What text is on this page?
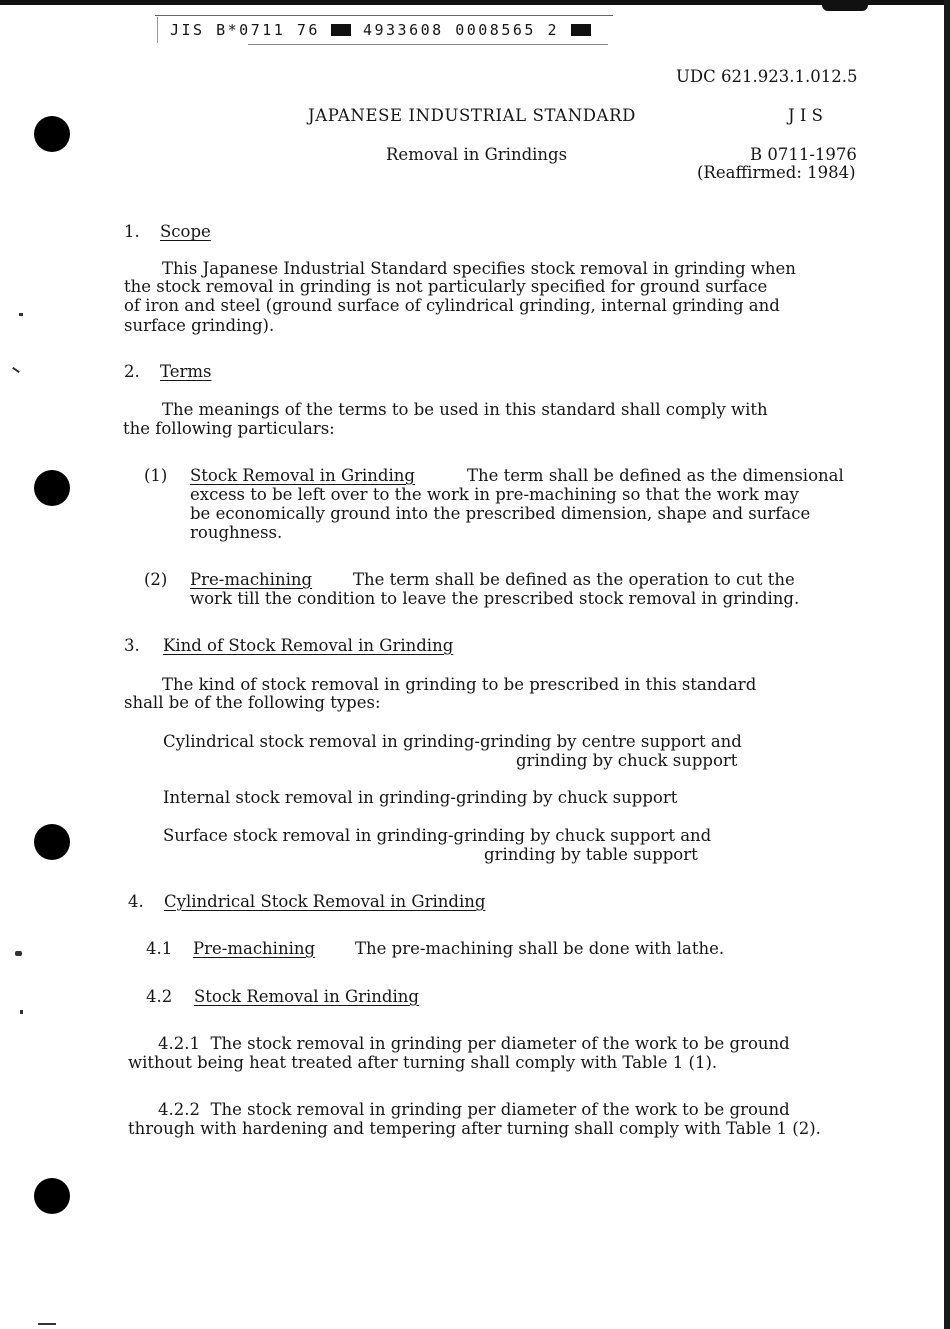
JIS B*0711 76	4933608 0008565 2
UDC 621.923.1.012.5
JAPANESE INDUSTRIAL STANDARD	J I S
Removal in Grindings	B 0711-1976
(Reaffirmed: 1984)
1. Scope
This Japanese Industrial Standard specifies stock removal in grinding when
the stock removal in grinding is not particularly specified for ground surface
of iron and steel (ground surface of cylindrical grinding, internal grinding and
surface grinding).
2. Terms
The meanings of the terms to be used in this standard shall comply with
the following particulars:
(1) Stock Removal in Grinding	The term shall be defined as the dimensional
excess to be left over to the work in pre-machining so that the work may
be economically ground into the prescribed dimension, shape and surface
roughness.
(2) Pre-machining The term shall be defined as the operation to cut the
work till the condition to leave the prescribed stock removal in grinding.
3. Kind of Stock Removal in Grinding
The kind of stock removal in grinding to be prescribed in this standard
shall be of the following types:
Cylindrical stock removal in grinding-grinding by centre support and
grinding by chuck support
Internal stock removal in grinding-grinding by chuck support
Surface stock removal in grinding-grinding by chuck support and
grinding by table support
4. Cylindrical Stock Removal in Grinding
4.1 Pre-machining The pre-machining shall be done with lathe.
4.2 Stock Removal in Grinding
4.2.1  The stock removal in grinding per diameter of the work to be ground
without being heat treated after turning shall comply with Table 1 (1).
4.2.2  The stock removal in grinding per diameter of the work to be ground
through with hardening and tempering after turning shall comply with Table 1 (2).
